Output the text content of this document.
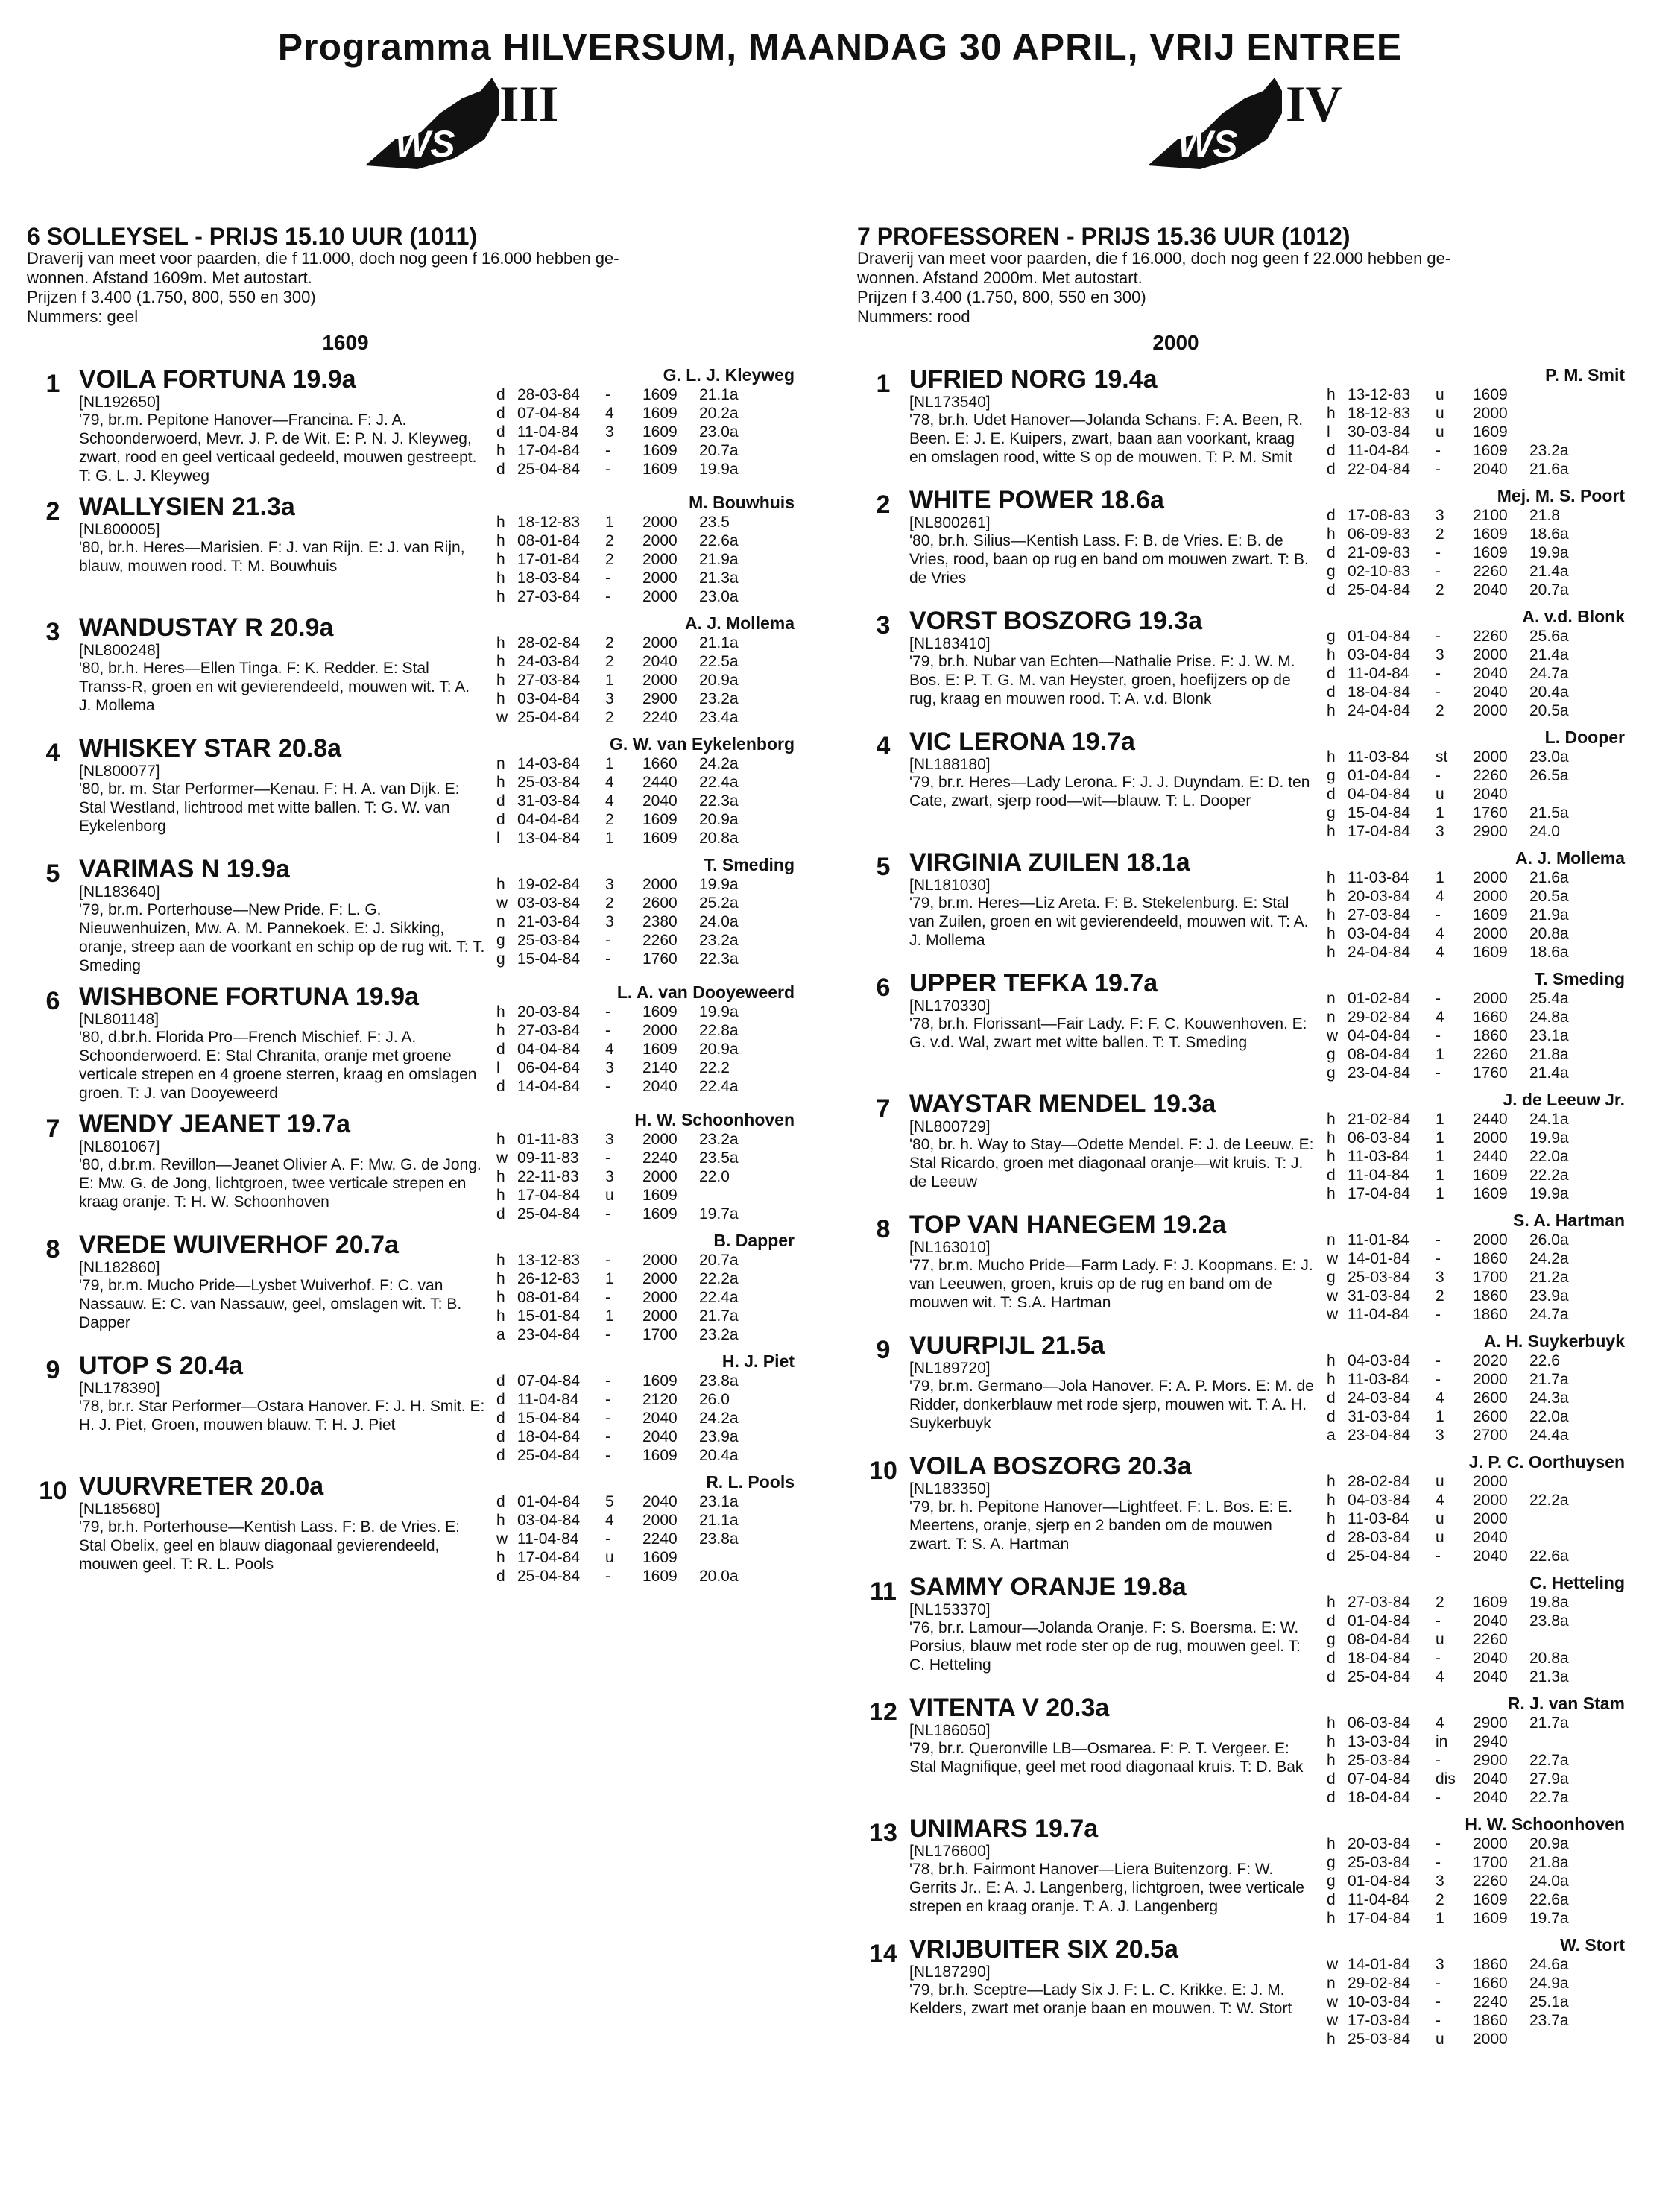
Programma HILVERSUM, MAANDAG 30 APRIL, VRIJ ENTREE
WS
III
WS
IV
6 SOLLEYSEL - PRIJS 15.10 UUR (1011)
Draverij van meet voor paarden, die f 11.000, doch nog geen f 16.000 hebben ge-
wonnen. Afstand 1609m. Met autostart.
Prijzen f 3.400 (1.750, 800, 550 en 300)
Nummers: geel
1609
1 VOILA FORTUNA 19.9a
[NL192650]
'79, br.m. Pepitone Hanover—Francina. F: J. A. Schoonderwoerd, Mevr. J. P. de Wit. E: P. N. J. Kleyweg, zwart, rood en geel verticaal gedeeld, mouwen gestreept. T: G. L. J. Kleyweg
G. L. J. Kleyweg
d 28-03-84	-	1609	21.1a
d 07-04-84	4	1609	20.2a
d 11-04-84	3	1609	23.0a
h 17-04-84	-	1609	20.7a
d 25-04-84	-	1609	19.9a
2 WALLYSIEN 21.3a
[NL800005]
'80, br.h. Heres—Marisien. F: J. van Rijn. E: J. van Rijn, blauw, mouwen rood. T: M. Bouwhuis
M. Bouwhuis
h 18-12-83	1	2000	23.5
h 08-01-84	2	2000	22.6a
h 17-01-84	2	2000	21.9a
h 18-03-84	-	2000	21.3a
h 27-03-84	-	2000	23.0a
3 WANDUSTAY R 20.9a
[NL800248]
'80, br.h. Heres—Ellen Tinga. F: K. Redder. E: Stal Transs-R, groen en wit gevierendeeld, mouwen wit. T: A. J. Mollema
A. J. Mollema
h 28-02-84	2	2000	21.1a
h 24-03-84	2	2040	22.5a
h 27-03-84	1	2000	20.9a
h 03-04-84	3	2900	23.2a
w 25-04-84	2	2240	23.4a
4 WHISKEY STAR 20.8a
[NL800077]
'80, br. m. Star Performer—Kenau. F: H. A. van Dijk. E: Stal Westland, lichtrood met witte ballen. T: G. W. van Eykelenborg
G. W. van Eykelenborg
n 14-03-84	1	1660	24.2a
h 25-03-84	4	2440	22.4a
d 31-03-84	4	2040	22.3a
d 04-04-84	2	1609	20.9a
l	13-04-84	1	1609	20.8a
5 VARIMAS N 19.9a
[NL183640]
'79, br.m. Porterhouse—New Pride. F: L. G. Nieuwenhuizen, Mw. A. M. Pannekoek. E: J. Sikking, oranje, streep aan de voorkant en schip op de rug wit. T: T. Smeding
T. Smeding
h 19-02-84	3	2000	19.9a
w 03-03-84	2	2600	25.2a
n 21-03-84	3	2380	24.0a
g 25-03-84	-	2260	23.2a
g 15-04-84	-	1760	22.3a
6 WISHBONE FORTUNA 19.9a
[NL801148]
'80, d.br.h. Florida Pro—French Mischief. F: J. A. Schoonderwoerd. E: Stal Chranita, oranje met groene verticale strepen en 4 groene sterren, kraag en omslagen groen. T: J. van Dooyeweerd
L. A. van Dooyeweerd
h 20-03-84	-	1609	19.9a
h 27-03-84	-	2000	22.8a
d 04-04-84	4	1609	20.9a
l	06-04-84	3	2140	22.2
d 14-04-84	-	2040	22.4a
7 WENDY JEANET 19.7a
[NL801067]
'80, d.br.m. Revillon—Jeanet Olivier A. F: Mw. G. de Jong. E: Mw. G. de Jong, lichtgroen, twee verticale strepen en kraag oranje. T: H. W. Schoonhoven
H. W. Schoonhoven
h 01-11-83	3	2000	23.2a
w 09-11-83	-	2240	23.5a
h 22-11-83	3	2000	22.0
h 17-04-84	u	1609
d 25-04-84	-	1609	19.7a
8 VREDE WUIVERHOF 20.7a
[NL182860]
'79, br.m. Mucho Pride—Lysbet Wuiverhof. F: C. van Nassauw. E: C. van Nassauw, geel, omslagen wit. T: B. Dapper
B. Dapper
h 13-12-83	-	2000	20.7a
h 26-12-83	1	2000	22.2a
h 08-01-84	-	2000	22.4a
h 15-01-84	1	2000	21.7a
a 23-04-84	-	1700	23.2a
9 UTOP S 20.4a
[NL178390]
'78, br.r. Star Performer—Ostara Hanover. F: J. H. Smit. E: H. J. Piet, Groen, mouwen blauw. T: H. J. Piet
H. J. Piet
d 07-04-84	-	1609	23.8a
d 11-04-84	-	2120	26.0
d 15-04-84	-	2040	24.2a
d 18-04-84	-	2040	23.9a
d 25-04-84	-	1609	20.4a
10 VUURVRETER 20.0a
[NL185680]
'79, br.h. Porterhouse—Kentish Lass. F: B. de Vries. E: Stal Obelix, geel en blauw diagonaal gevierendeeld, mouwen geel. T: R. L. Pools
R. L. Pools
d 01-04-84	5	2040	23.1a
h 03-04-84	4	2000	21.1a
w 11-04-84	-	2240	23.8a
h 17-04-84	u	1609
d 25-04-84	-	1609	20.0a
7 PROFESSOREN - PRIJS 15.36 UUR (1012)
Draverij van meet voor paarden, die f 16.000, doch nog geen f 22.000 hebben ge-
wonnen. Afstand 2000m. Met autostart.
Prijzen f 3.400 (1.750, 800, 550 en 300)
Nummers: rood
2000
1 UFRIED NORG 19.4a
[NL173540]
'78, br.h. Udet Hanover—Jolanda Schans. F: A. Been, R. Been. E: J. E. Kuipers, zwart, baan aan voorkant, kraag en omslagen rood, witte S op de mouwen. T: P. M. Smit
P. M. Smit
h 13-12-83	u	1609
h 18-12-83	u	2000
l	30-03-84	u	1609
d 11-04-84	-	1609	23.2a
d 22-04-84	-	2040	21.6a
2 WHITE POWER 18.6a
[NL800261]
'80, br.h. Silius—Kentish Lass. F: B. de Vries. E: B. de Vries, rood, baan op rug en band om mouwen zwart. T: B. de Vries
Mej. M. S. Poort
d 17-08-83	3	2100	21.8
h 06-09-83	2	1609	18.6a
d 21-09-83	-	1609	19.9a
g 02-10-83	-	2260	21.4a
d 25-04-84	2	2040	20.7a
3 VORST BOSZORG 19.3a
[NL183410]
'79, br.h. Nubar van Echten—Nathalie Prise. F: J. W. M. Bos. E: P. T. G. M. van Heyster, groen, hoefijzers op de rug, kraag en mouwen rood. T: A. v.d. Blonk
A. v.d. Blonk
g 01-04-84	-	2260	25.6a
h 03-04-84	3	2000	21.4a
d 11-04-84	-	2040	24.7a
d 18-04-84	-	2040	20.4a
h 24-04-84	2	2000	20.5a
4 VIC LERONA 19.7a
[NL188180]
'79, br.r. Heres—Lady Lerona. F: J. J. Duyndam. E: D. ten Cate, zwart, sjerp rood—wit—blauw. T: L. Dooper
L. Dooper
h 11-03-84	st	2000	23.0a
g 01-04-84	-	2260	26.5a
d 04-04-84	u	2040
g 15-04-84	1	1760	21.5a
h 17-04-84	3	2900	24.0
5 VIRGINIA ZUILEN 18.1a
[NL181030]
'79, br.m. Heres—Liz Areta. F: B. Stekelenburg. E: Stal van Zuilen, groen en wit gevierendeeld, mouwen wit. T: A. J. Mollema
A. J. Mollema
h 11-03-84	1	2000	21.6a
h 20-03-84	4	2000	20.5a
h 27-03-84	-	1609	21.9a
h 03-04-84	4	2000	20.8a
h 24-04-84	4	1609	18.6a
6 UPPER TEFKA 19.7a
[NL170330]
'78, br.h. Florissant—Fair Lady. F: F. C. Kouwenhoven. E: G. v.d. Wal, zwart met witte ballen. T: T. Smeding
T. Smeding
n 01-02-84	-	2000	25.4a
n 29-02-84	4	1660	24.8a
w 04-04-84	-	1860	23.1a
g 08-04-84	1	2260	21.8a
g 23-04-84	-	1760	21.4a
7 WAYSTAR MENDEL 19.3a
[NL800729]
'80, br. h. Way to Stay—Odette Mendel. F: J. de Leeuw. E: Stal Ricardo, groen met diagonaal oranje—wit kruis. T: J. de Leeuw
J. de Leeuw Jr.
h 21-02-84	1	2440	24.1a
h 06-03-84	1	2000	19.9a
h 11-03-84	1	2440	22.0a
d 11-04-84	1	1609	22.2a
h 17-04-84	1	1609	19.9a
8 TOP VAN HANEGEM 19.2a
[NL163010]
'77, br.m. Mucho Pride—Farm Lady. F: J. Koopmans. E: J. van Leeuwen, groen, kruis op de rug en band om de mouwen wit. T: S.A. Hartman
S. A. Hartman
n 11-01-84	-	2000	26.0a
w 14-01-84	-	1860	24.2a
g 25-03-84	3	1700	21.2a
w 31-03-84	2	1860	23.9a
w 11-04-84	-	1860	24.7a
9 VUURPIJL 21.5a
[NL189720]
'79, br.m. Germano—Jola Hanover. F: A. P. Mors. E: M. de Ridder, donkerblauw met rode sjerp, mouwen wit. T: A. H. Suykerbuyk
A. H. Suykerbuyk
h 04-03-84	-	2020	22.6
h 11-03-84	-	2000	21.7a
d 24-03-84	4	2600	24.3a
d 31-03-84	1	2600	22.0a
a 23-04-84	3	2700	24.4a
10 VOILA BOSZORG 20.3a
[NL183350]
'79, br. h. Pepitone Hanover—Lightfeet. F: L. Bos. E: E. Meertens, oranje, sjerp en 2 banden om de mouwen zwart. T: S. A. Hartman
J. P. C. Oorthuysen
h 28-02-84	u	2000
h 04-03-84	4	2000	22.2a
h 11-03-84	u	2000
d 28-03-84	u	2040
d 25-04-84	-	2040	22.6a
11 SAMMY ORANJE 19.8a
[NL153370]
'76, br.r. Lamour—Jolanda Oranje. F: S. Boersma. E: W. Porsius, blauw met rode ster op de rug, mouwen geel. T: C. Hetteling
C. Hetteling
h 27-03-84	2	1609	19.8a
d 01-04-84	-	2040	23.8a
g 08-04-84	u	2260
d 18-04-84	-	2040	20.8a
d 25-04-84	4	2040	21.3a
12 VITENTA V 20.3a
[NL186050]
'79, br.r. Queronville LB—Osmarea. F: P. T. Vergeer. E: Stal Magnifique, geel met rood diagonaal kruis. T: D. Bak
R. J. van Stam
h 06-03-84	4	2900	21.7a
h 13-03-84	in	2940
h 25-03-84	-	2900	22.7a
d 07-04-84	dis	2040	27.9a
d 18-04-84	-	2040	22.7a
13 UNIMARS 19.7a
[NL176600]
'78, br.h. Fairmont Hanover—Liera Buitenzorg. F: W. Gerrits Jr.. E: A. J. Langenberg, lichtgroen, twee verticale strepen en kraag oranje. T: A. J. Langenberg
H. W. Schoonhoven
h 20-03-84	-	2000	20.9a
g 25-03-84	-	1700	21.8a
g 01-04-84	3	2260	24.0a
d 11-04-84	2	1609	22.6a
h 17-04-84	1	1609	19.7a
14 VRIJBUITER SIX 20.5a
[NL187290]
'79, br.h. Sceptre—Lady Six J. F: L. C. Krikke. E: J. M. Kelders, zwart met oranje baan en mouwen. T: W. Stort
W. Stort
w 14-01-84	3	1860	24.6a
n 29-02-84	-	1660	24.9a
w 10-03-84	-	2240	25.1a
w 17-03-84	-	1860	23.7a
h 25-03-84	u	2000
